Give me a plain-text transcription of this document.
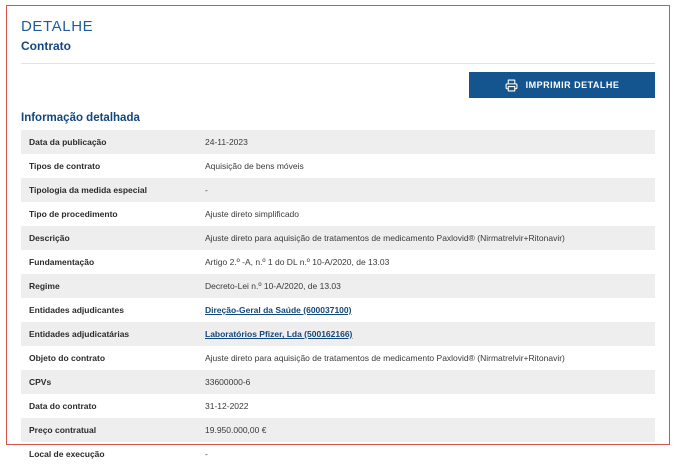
DETALHE
Contrato
IMPRIMIR DETALHE
Informação detalhada
Data da publicação	24-11-2023
Tipos de contrato	Aquisição de bens móveis
Tipologia da medida especial	-
Tipo de procedimento	Ajuste direto simplificado
Descrição	Ajuste direto para aquisição de tratamentos de medicamento Paxlovid® (Nirmatrelvir+Ritonavir)
Fundamentação	Artigo 2.º -A, n.º 1 do DL n.º 10-A/2020, de 13.03
Regime	Decreto-Lei n.º 10-A/2020, de 13.03
Entidades adjudicantes	Direção-Geral da Saúde (600037100)
Entidades adjudicatárias	Laboratórios Pfizer, Lda (500162166)
Objeto do contrato	Ajuste direto para aquisição de tratamentos de medicamento Paxlovid® (Nirmatrelvir+Ritonavir)
CPVs	33600000-6
Data do contrato	31-12-2022
Preço contratual	19.950.000,00 €
Local de execução	-
